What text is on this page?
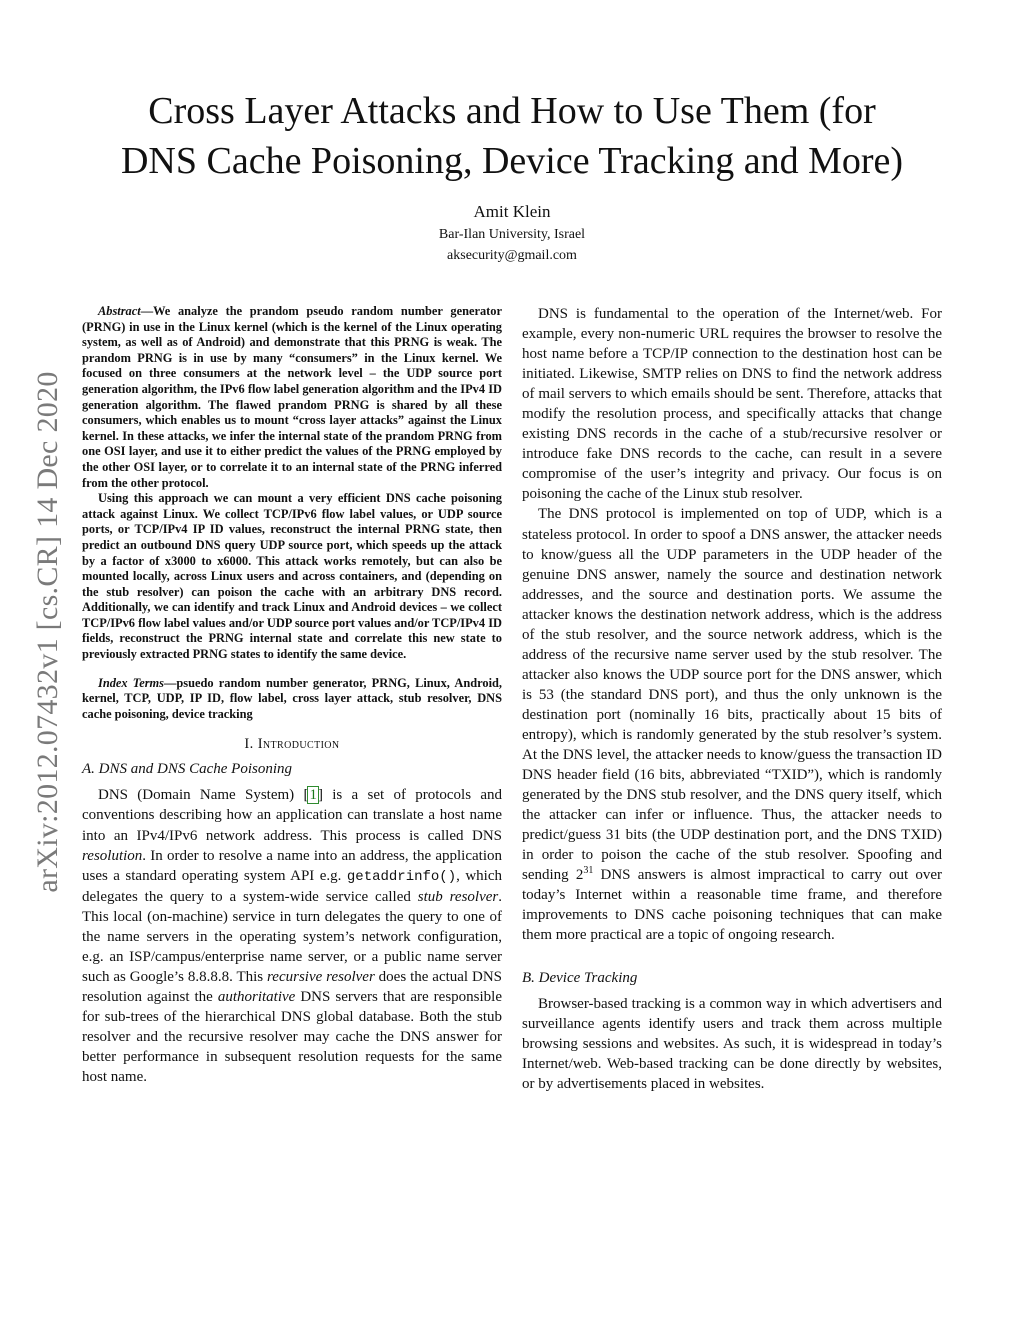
arXiv:2012.07432v1 [cs.CR] 14 Dec 2020
Cross Layer Attacks and How to Use Them (for
DNS Cache Poisoning, Device Tracking and More)
Amit Klein
Bar-Ilan University, Israel
aksecurity@gmail.com

Abstract—We analyze the prandom pseudo random number generator (PRNG) in use in the Linux kernel (which is the kernel of the Linux operating system, as well as of Android) and demonstrate that this PRNG is weak. The prandom PRNG is in use by many “consumers” in the Linux kernel. We focused on three consumers at the network level – the UDP source port generation algorithm, the IPv6 flow label generation algorithm and the IPv4 ID generation algorithm. The flawed prandom PRNG is shared by all these consumers, which enables us to mount “cross layer attacks” against the Linux kernel. In these attacks, we infer the internal state of the prandom PRNG from one OSI layer, and use it to either predict the values of the PRNG employed by the other OSI layer, or to correlate it to an internal state of the PRNG inferred from the other protocol.

Using this approach we can mount a very efficient DNS cache poisoning attack against Linux. We collect TCP/IPv6 flow label values, or UDP source ports, or TCP/IPv4 IP ID values, reconstruct the internal PRNG state, then predict an outbound DNS query UDP source port, which speeds up the attack by a factor of x3000 to x6000. This attack works remotely, but can also be mounted locally, across Linux users and across containers, and (depending on the stub resolver) can poison the cache with an arbitrary DNS record. Additionally, we can identify and track Linux and Android devices – we collect TCP/IPv6 flow label values and/or UDP source port values and/or TCP/IPv4 ID fields, reconstruct the PRNG internal state and correlate this new state to previously extracted PRNG states to identify the same device.

Index Terms—psuedo random number generator, PRNG, Linux, Android, kernel, TCP, UDP, IP ID, flow label, cross layer attack, stub resolver, DNS cache poisoning, device tracking

I. Introduction
A. DNS and DNS Cache Poisoning

DNS (Domain Name System) [1] is a set of protocols and conventions describing how an application can translate a host name into an IPv4/IPv6 network address. This process is called DNS resolution. In order to resolve a name into an address, the application uses a standard operating system API e.g. getaddrinfo(), which delegates the query to a system-wide service called stub resolver. This local (on-machine) service in turn delegates the query to one of the name servers in the operating system’s network configuration, e.g. an ISP/campus/enterprise name server, or a public name server such as Google’s 8.8.8.8. This recursive resolver does the actual DNS resolution against the authoritative DNS servers that are responsible for sub-trees of the hierarchical DNS global database. Both the stub resolver and the recursive resolver may cache the DNS answer for better performance in subsequent resolution requests for the same host name.

DNS is fundamental to the operation of the Internet/web. For example, every non-numeric URL requires the browser to resolve the host name before a TCP/IP connection to the destination host can be initiated. Likewise, SMTP relies on DNS to find the network address of mail servers to which emails should be sent. Therefore, attacks that modify the resolution process, and specifically attacks that change existing DNS records in the cache of a stub/recursive resolver or introduce fake DNS records to the cache, can result in a severe compromise of the user’s integrity and privacy. Our focus is on poisoning the cache of the Linux stub resolver.

The DNS protocol is implemented on top of UDP, which is a stateless protocol. In order to spoof a DNS answer, the attacker needs to know/guess all the UDP parameters in the UDP header of the genuine DNS answer, namely the source and destination network addresses, and the source and destination ports. We assume the attacker knows the destination network address, which is the address of the stub resolver, and the source network address, which is the address of the recursive name server used by the stub resolver. The attacker also knows the UDP source port for the DNS answer, which is 53 (the standard DNS port), and thus the only unknown is the destination port (nominally 16 bits, practically about 15 bits of entropy), which is randomly generated by the stub resolver’s system. At the DNS level, the attacker needs to know/guess the transaction ID DNS header field (16 bits, abbreviated “TXID”), which is randomly generated by the DNS stub resolver, and the DNS query itself, which the attacker can infer or influence. Thus, the attacker needs to predict/guess 31 bits (the UDP destination port, and the DNS TXID) in order to poison the cache of the stub resolver. Spoofing and sending $2^{31}$ DNS answers is almost impractical to carry out over today’s Internet within a reasonable time frame, and therefore improvements to DNS cache poisoning techniques that can make them more practical are a topic of ongoing research.

B. Device Tracking

Browser-based tracking is a common way in which advertisers and surveillance agents identify users and track them across multiple browsing sessions and websites. As such, it is widespread in today’s Internet/web. Web-based tracking can be done directly by websites, or by advertisements placed in websites.
